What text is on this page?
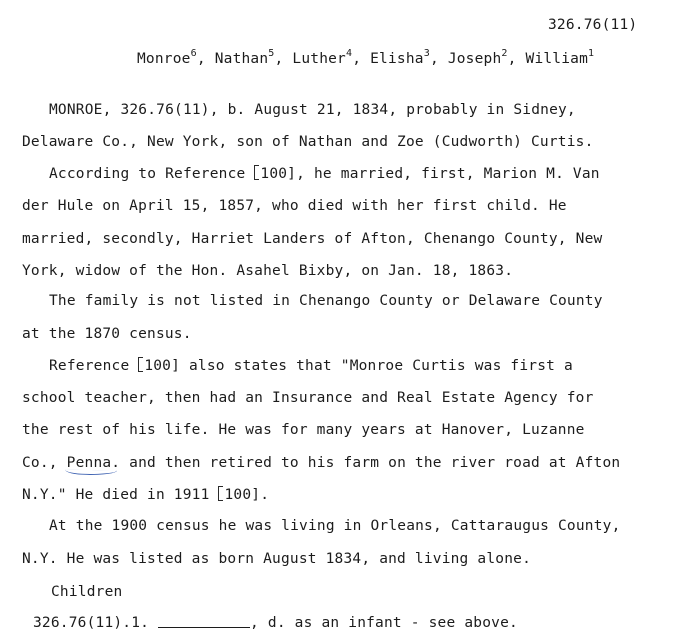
326.76(11)
Monroe$^6$, Nathan$^5$, Luther$^4$, Elisha$^3$, Joseph$^2$, William$^1$
MONROE, 326.76(11), b. August 21, 1834, probably in Sidney,
Delaware Co., New York, son of Nathan and Zoe (Cudworth) Curtis.
According to Reference 100], he married, first, Marion M. Van
der Hule on April 15, 1857, who died with her first child. He
married, secondly, Harriet Landers of Afton, Chenango County, New
York, widow of the Hon. Asahel Bixby, on Jan. 18, 1863.
The family is not listed in Chenango County or Delaware County
at the 1870 census.
Reference 100] also states that "Monroe Curtis was first a
school teacher, then had an Insurance and Real Estate Agency for
the rest of his life. He was for many years at Hanover, Luzanne
Co., Penna. and then retired to his farm on the river road at Afton
N.Y." He died in 1911 100].
At the 1900 census he was living in Orleans, Cattaraugus County,
N.Y. He was listed as born August 1834, and living alone.
Children
326.76(11).1.	, d. as an infant - see above.
